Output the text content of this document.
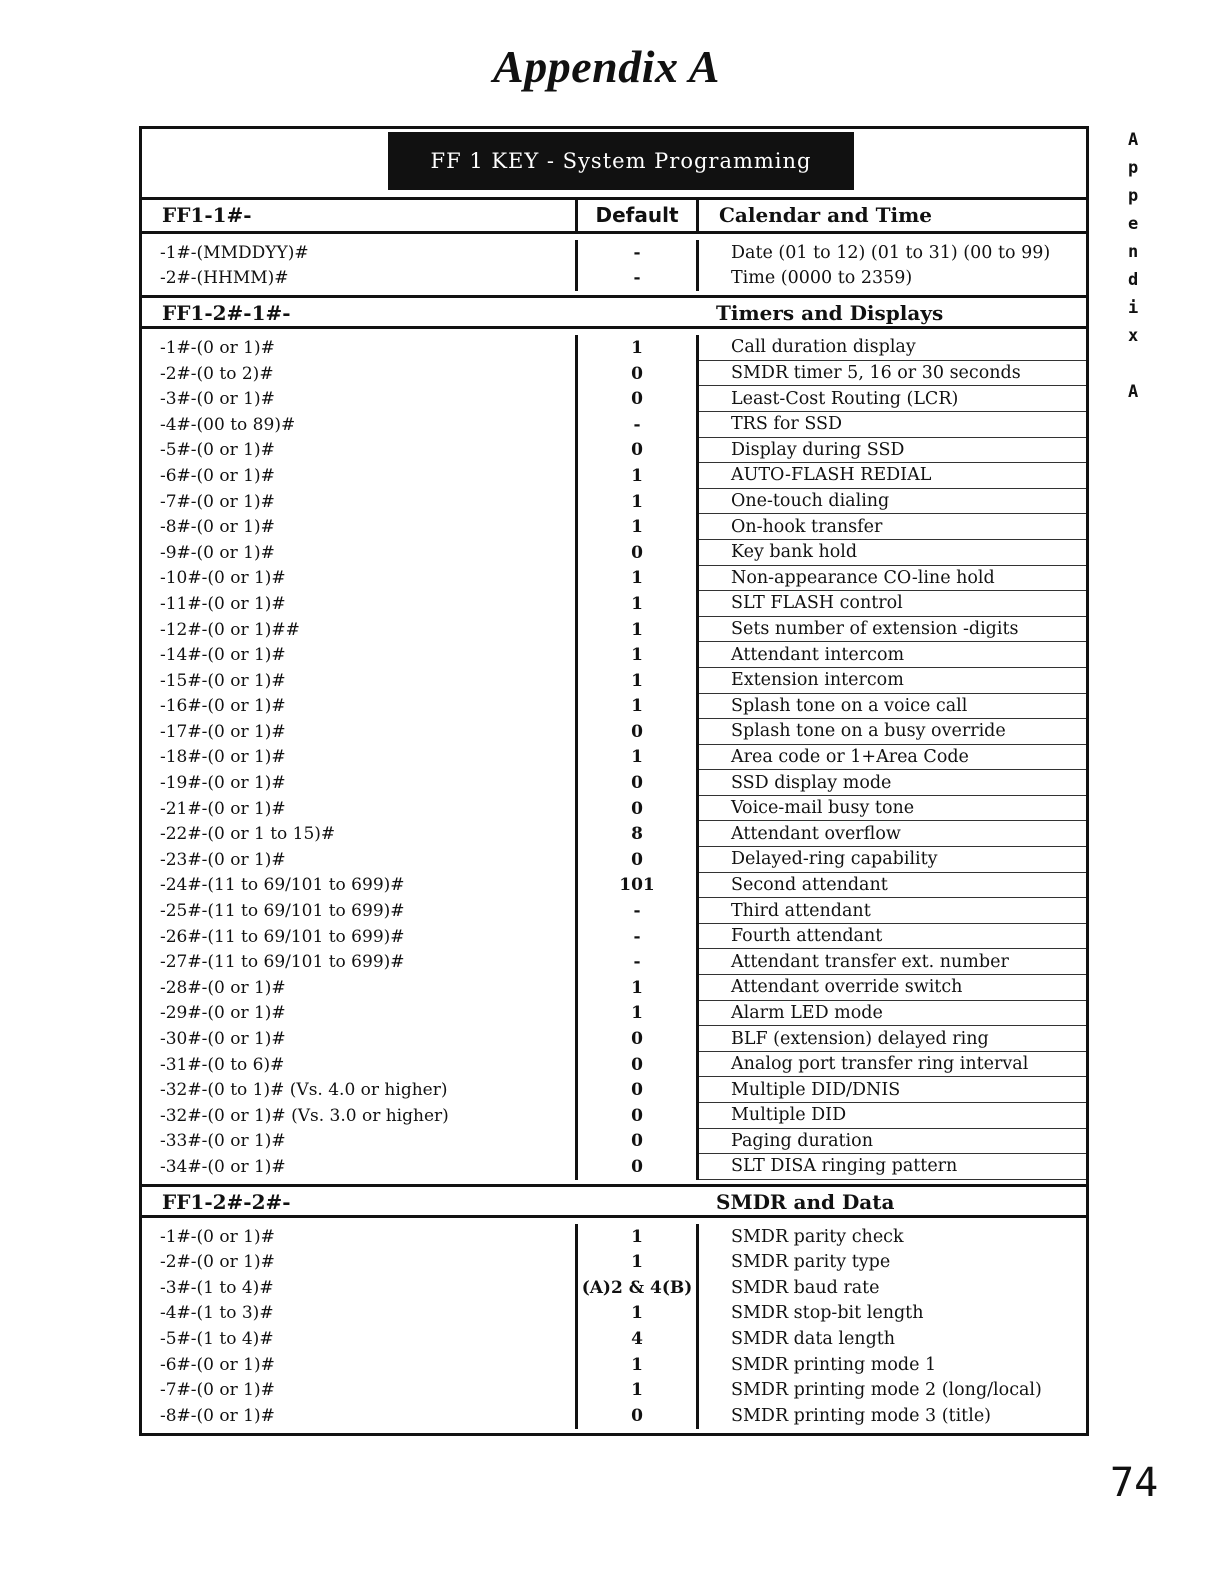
Appendix A
FF 1 KEY - System Programming
FF1-1#-	Default	Calendar and Time
-1#-(MMDDYY)#	-	Date (01 to 12) (01 to 31) (00 to 99)
-2#-(HHMM)#	-	Time (0000 to 2359)
FF1-2#-1#-	Timers and Displays
-1#-(0 or 1)#	1	Call duration display
-2#-(0 to 2)#	0	SMDR timer 5, 16 or 30 seconds
-3#-(0 or 1)#	0	Least-Cost Routing (LCR)
-4#-(00 to 89)#	-	TRS for SSD
-5#-(0 or 1)#	0	Display during SSD
-6#-(0 or 1)#	1	AUTO-FLASH REDIAL
-7#-(0 or 1)#	1	One-touch dialing
-8#-(0 or 1)#	1	On-hook transfer
-9#-(0 or 1)#	0	Key bank hold
-10#-(0 or 1)#	1	Non-appearance CO-line hold
-11#-(0 or 1)#	1	SLT FLASH control
-12#-(0 or 1)##	1	Sets number of extension -digits
-14#-(0 or 1)#	1	Attendant intercom
-15#-(0 or 1)#	1	Extension intercom
-16#-(0 or 1)#	1	Splash tone on a voice call
-17#-(0 or 1)#	0	Splash tone on a busy override
-18#-(0 or 1)#	1	Area code or 1+Area Code
-19#-(0 or 1)#	0	SSD display mode
-21#-(0 or 1)#	0	Voice-mail busy tone
-22#-(0 or 1 to 15)#	8	Attendant overflow
-23#-(0 or 1)#	0	Delayed-ring capability
-24#-(11 to 69/101 to 699)#	101	Second attendant
-25#-(11 to 69/101 to 699)#	-	Third attendant
-26#-(11 to 69/101 to 699)#	-	Fourth attendant
-27#-(11 to 69/101 to 699)#	-	Attendant transfer ext. number
-28#-(0 or 1)#	1	Attendant override switch
-29#-(0 or 1)#	1	Alarm LED mode
-30#-(0 or 1)#	0	BLF (extension) delayed ring
-31#-(0 to 6)#	0	Analog port transfer ring interval
-32#-(0 to 1)# (Vs. 4.0 or higher)	0	Multiple DID/DNIS
-32#-(0 or 1)# (Vs. 3.0 or higher)	0	Multiple DID
-33#-(0 or 1)#	0	Paging duration
-34#-(0 or 1)#	0	SLT DISA ringing pattern
FF1-2#-2#-	SMDR and Data
-1#-(0 or 1)#	1	SMDR parity check
-2#-(0 or 1)#	1	SMDR parity type
-3#-(1 to 4)#	(A)2 & 4(B)	SMDR baud rate
-4#-(1 to 3)#	1	SMDR stop-bit length
-5#-(1 to 4)#	4	SMDR data length
-6#-(0 or 1)#	1	SMDR printing mode 1
-7#-(0 or 1)#	1	SMDR printing mode 2 (long/local)
-8#-(0 or 1)#	0	SMDR printing mode 3 (title)
A
p
p
e
n
d
i
x
A
74
